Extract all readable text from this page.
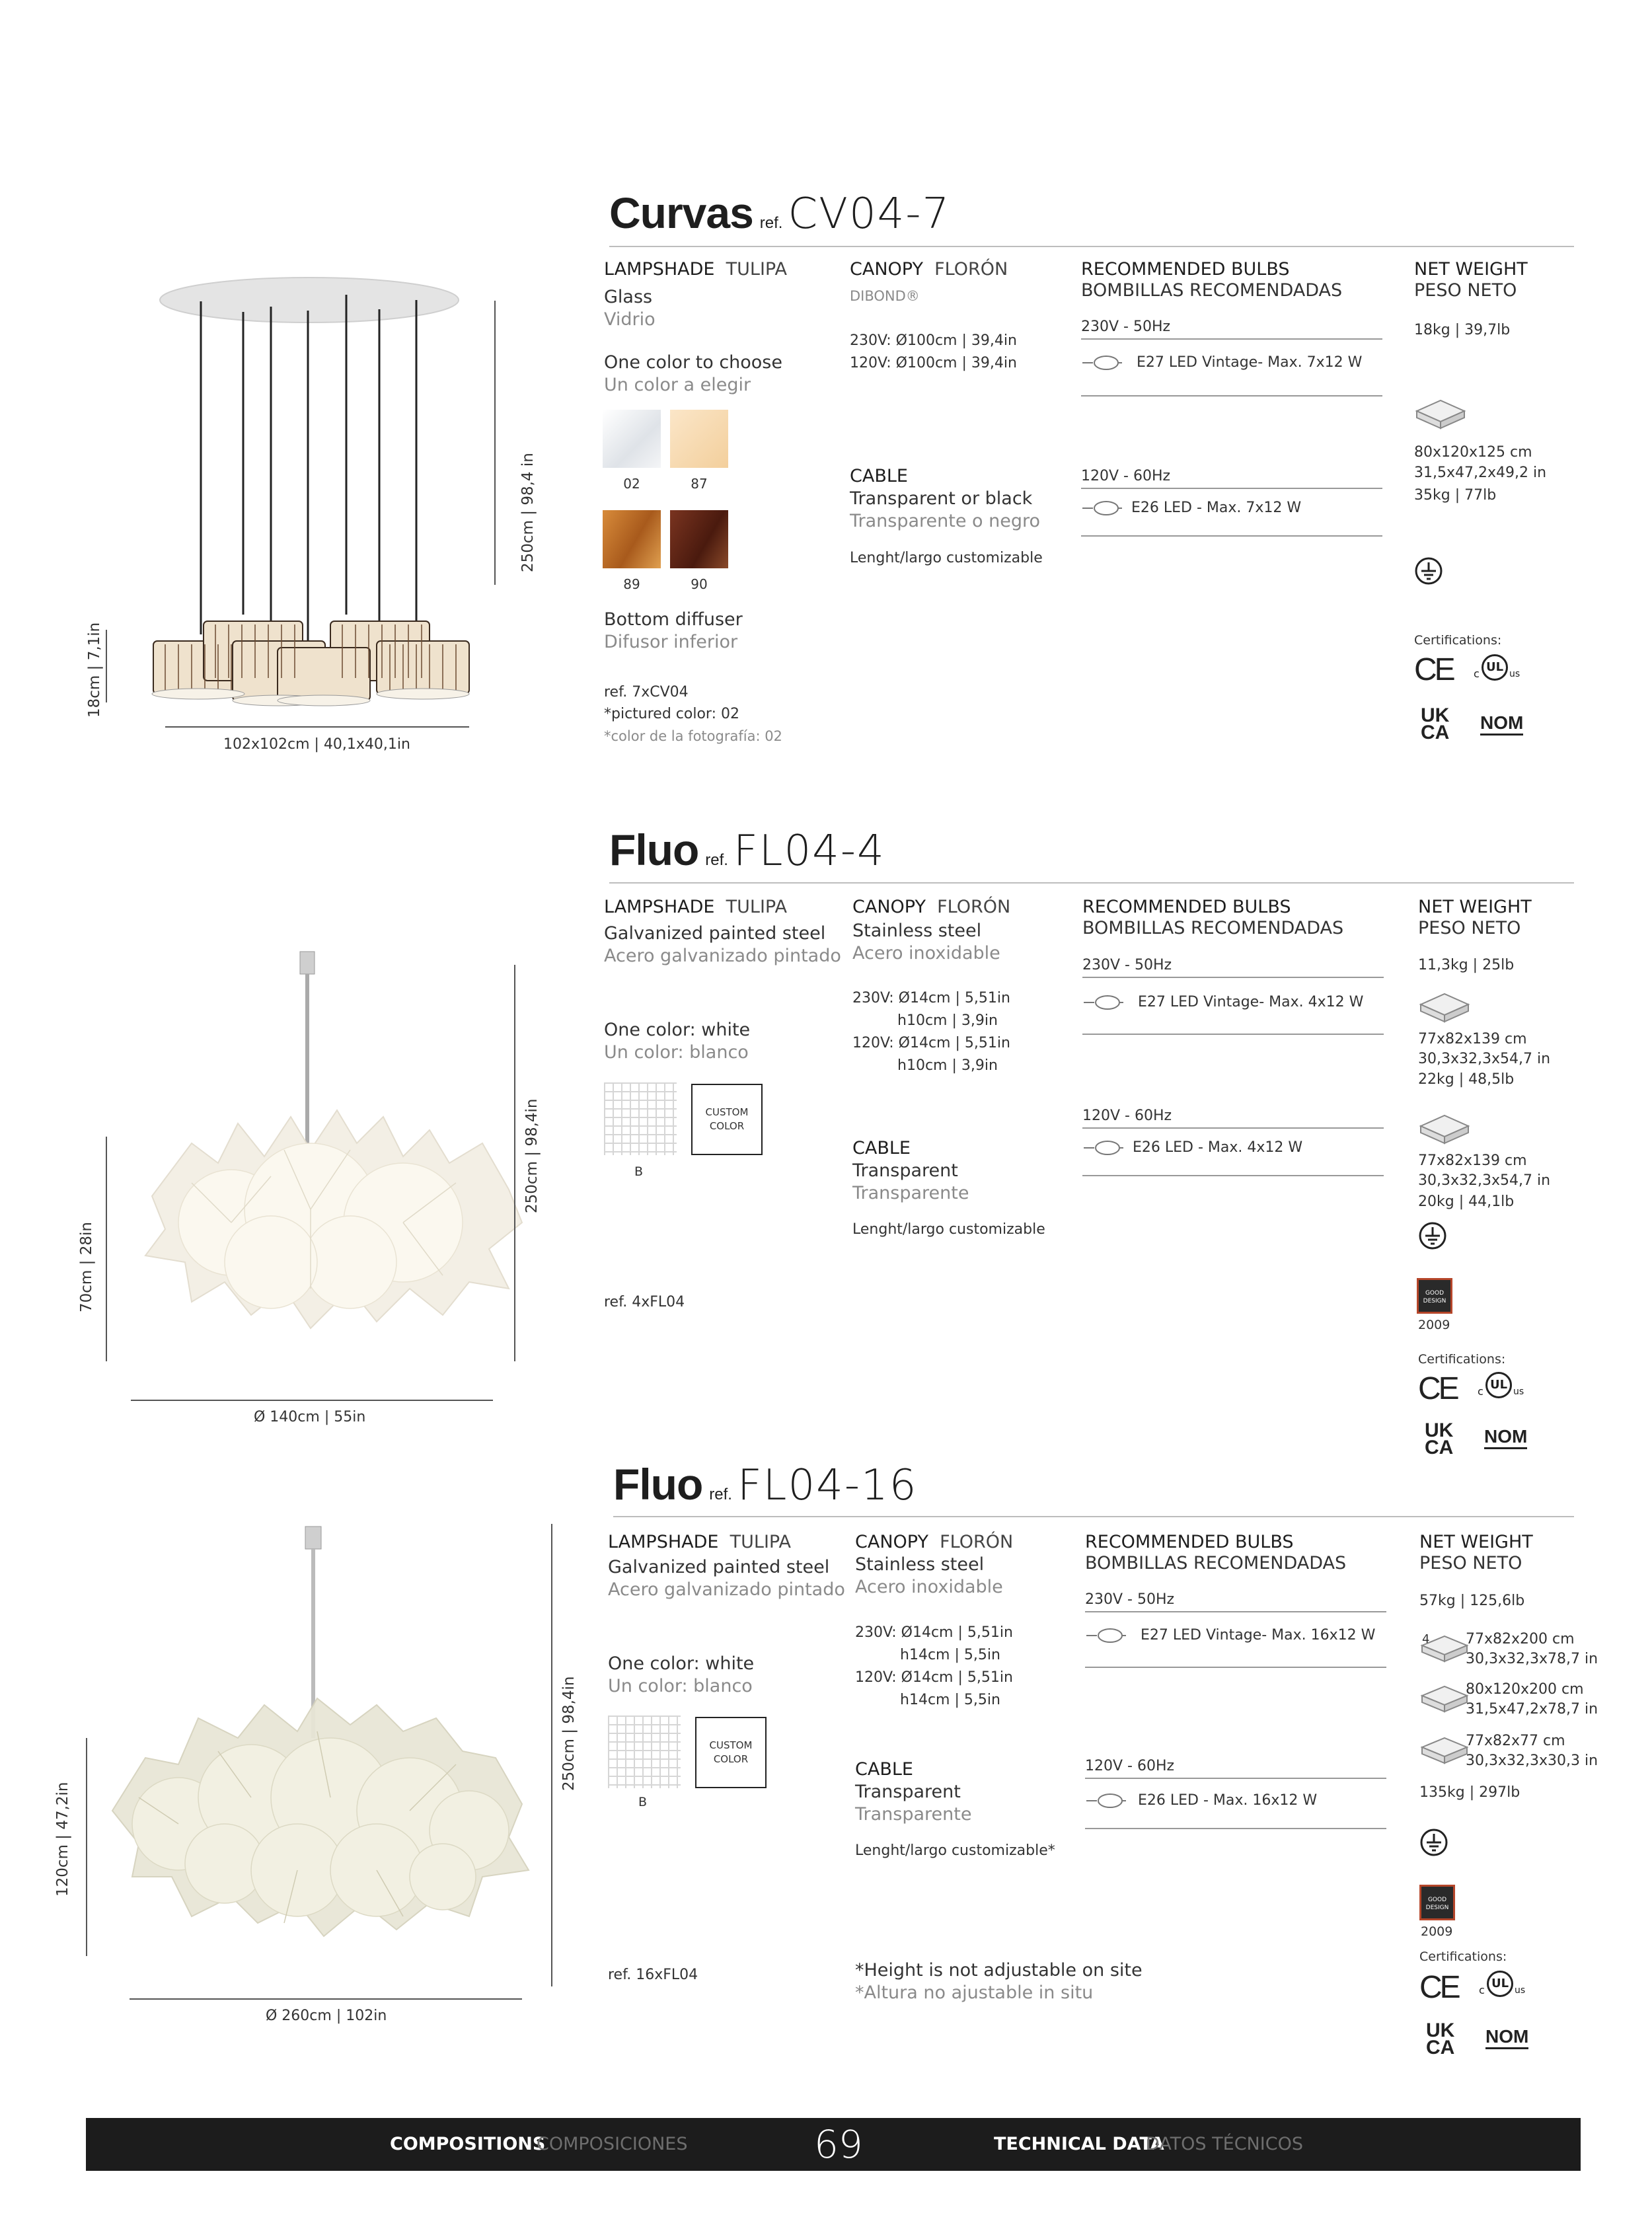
Curvas ref. CV04-7
250cm | 98,4 in
18cm | 7,1in
102x102cm | 40,1x40,1in
LAMPSHADE TULIPA
Glass
Vidrio
One color to choose
Un color a elegir
02	87
89	90
Bottom diffuser
Difusor inferior
ref. 7xCV04
*pictured color: 02
*color de la fotografía: 02
CANOPY FLORÓN
DIBOND®
230V: Ø100cm | 39,4in
120V: Ø100cm | 39,4in
CABLE
Transparent or black
Transparente o negro
Lenght/largo customizable
RECOMMENDED BULBS
BOMBILLAS RECOMENDADAS
230V - 50Hz
E27 LED Vintage- Max. 7x12 W
120V - 60Hz
E26 LED - Max. 7x12 W
NET WEIGHT
PESO NETO
18kg | 39,7lb
80x120x125 cm
31,5x47,2x49,2 in
35kg | 77lb
Certifications:
CE c UL us
UK
CA NOM
Fluo ref. FL04-4
250cm | 98,4in
70cm | 28in
Ø 140cm | 55in
LAMPSHADE TULIPA
Galvanized painted steel
Acero galvanizado pintado
One color: white
Un color: blanco
CUSTOM COLOR
B
ref. 4xFL04
CANOPY FLORÓN
Stainless steel
Acero inoxidable
230V: Ø14cm | 5,51in
h10cm | 3,9in
120V: Ø14cm | 5,51in
h10cm | 3,9in
CABLE
Transparent
Transparente
Lenght/largo customizable
RECOMMENDED BULBS
BOMBILLAS RECOMENDADAS
230V - 50Hz
E27 LED Vintage- Max. 4x12 W
120V - 60Hz
E26 LED - Max. 4x12 W
NET WEIGHT
PESO NETO
11,3kg | 25lb
77x82x139 cm
30,3x32,3x54,7 in
22kg | 48,5lb
77x82x139 cm
30,3x32,3x54,7 in
20kg | 44,1lb
GOOD
DESIGN
2009
Certifications:
CE c UL us
UK
CA
NOM
Fluo ref. FL04-16
250cm | 98,4in
120cm | 47,2in
Ø 260cm | 102in
LAMPSHADE TULIPA
Galvanized painted steel
Acero galvanizado pintado
One color: white
Un color: blanco
CUSTOM COLOR
B
ref. 16xFL04
CANOPY FLORÓN
Stainless steel
Acero inoxidable
230V: Ø14cm | 5,51in
h14cm | 5,5in
120V: Ø14cm | 5,51in
h14cm | 5,5in
CABLE
Transparent
Transparente
Lenght/largo customizable*
*Height is not adjustable on site
*Altura no ajustable in situ
RECOMMENDED BULBS
BOMBILLAS RECOMENDADAS
230V - 50Hz
E27 LED Vintage- Max. 16x12 W
120V - 60Hz
E26 LED - Max. 16x12 W
NET WEIGHT
PESO NETO
57kg | 125,6lb
4 77x82x200 cm
30,3x32,3x78,7 in
80x120x200 cm
31,5x47,2x78,7 in
77x82x77 cm
30,3x32,3x30,3 in
135kg | 297lb
GOOD
DESIGN
2009
Certifications:
CE c UL us
UK
CA
NOM
COMPOSITIONS
COMPOSICIONES	69	TECHNICAL DATA
DATOS TÉCNICOS
